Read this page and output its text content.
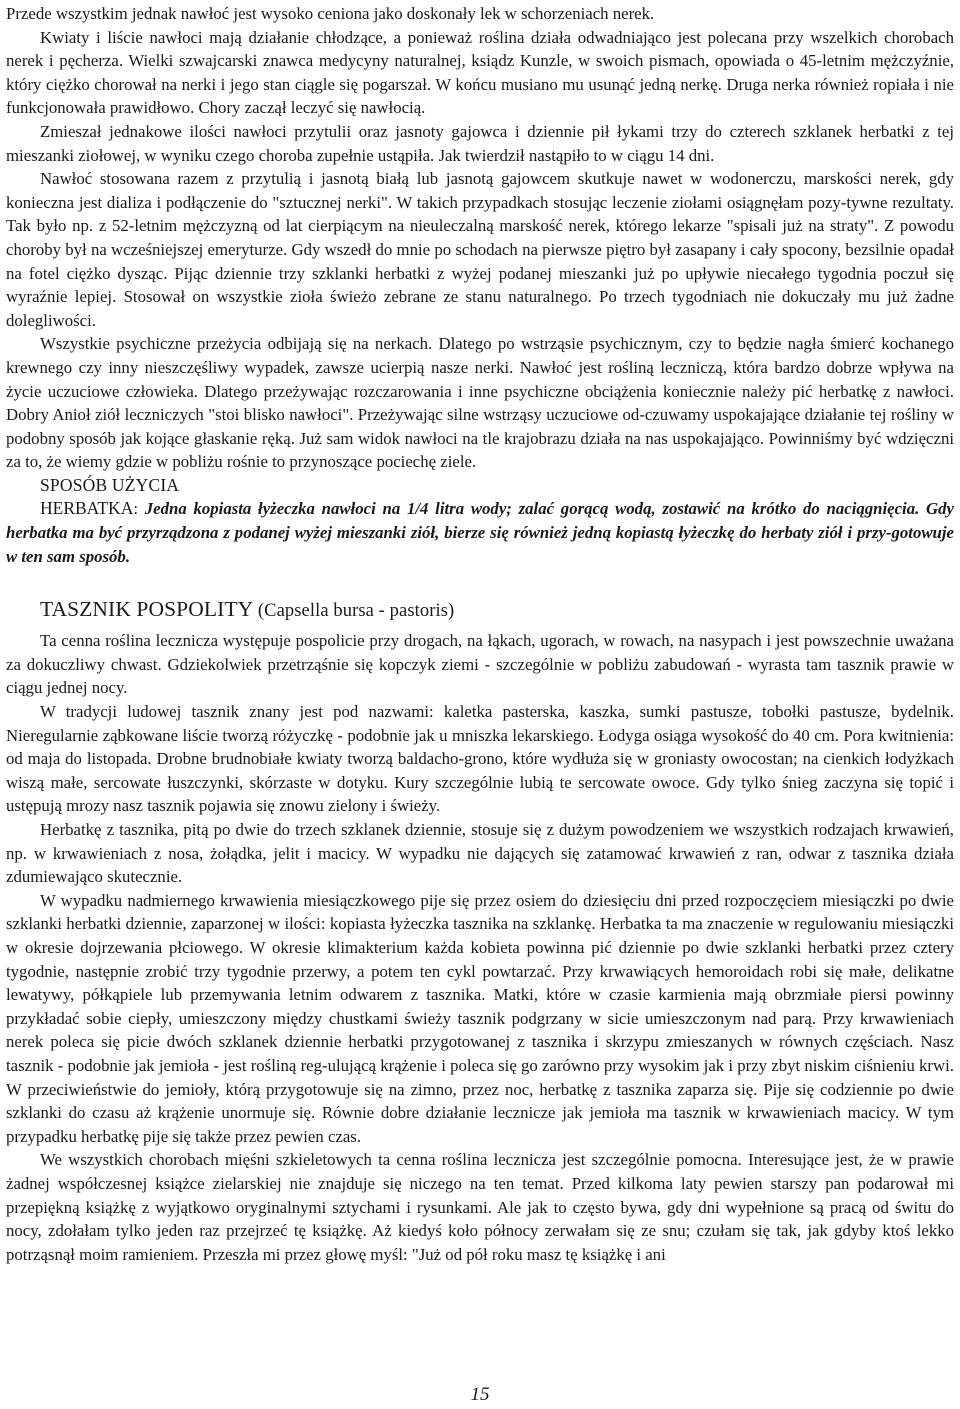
Przede wszystkim jednak nawłoć jest wysoko ceniona jako doskonały lek w schorzeniach nerek.

Kwiaty i liście nawłoci mają działanie chłodzące, a ponieważ roślina działa odwadniająco jest polecana przy wszelkich chorobach nerek i pęcherza. Wielki szwajcarski znawca medycyny naturalnej, ksiądz Kunzle, w swoich pismach, opowiada o 45-letnim mężczyźnie, który ciężko chorował na nerki i jego stan ciągle się pogarszał. W końcu musiano mu usunąć jedną nerkę. Druga nerka również ropiała i nie funkcjonowała prawidłowo. Chory zaczął leczyć się nawłocią.

Zmieszał jednakowe ilości nawłoci przytulii oraz jasnoty gajowca i dziennie pił łykami trzy do czterech szklanek herbatki z tej mieszanki ziołowej, w wyniku czego choroba zupełnie ustąpiła. Jak twierdził nastąpiło to w ciągu 14 dni.

Nawłoć stosowana razem z przytulią i jasnotą białą lub jasnotą gajowcem skutkuje nawet w wodonerczu, marskości nerek, gdy konieczna jest dializa i podłączenie do "sztucznej nerki". W takich przypadkach stosując leczenie ziołami osiągnęłam pozy-tywne rezultaty. Tak było np. z 52-letnim mężczyzną od lat cierpiącym na nieuleczalną marskość nerek, którego lekarze "spisali już na straty". Z powodu choroby był na wcześniejszej emeryturze. Gdy wszedł do mnie po schodach na pierwsze piętro był zasapany i cały spocony, bezsilnie opadał na fotel ciężko dysząc. Pijąc dziennie trzy szklanki herbatki z wyżej podanej mieszanki już po upływie niecałego tygodnia poczuł się wyraźnie lepiej. Stosował on wszystkie zioła świeżo zebrane ze stanu naturalnego. Po trzech tygodniach nie dokuczały mu już żadne dolegliwości.

Wszystkie psychiczne przeżycia odbijają się na nerkach. Dlatego po wstrząsie psychicznym, czy to będzie nagła śmierć kochanego krewnego czy inny nieszczęśliwy wypadek, zawsze ucierpią nasze nerki. Nawłoć jest rośliną leczniczą, która bardzo dobrze wpływa na życie uczuciowe człowieka. Dlatego przeżywając rozczarowania i inne psychiczne obciążenia koniecznie należy pić herbatkę z nawłoci. Dobry Anioł ziół leczniczych "stoi blisko nawłoci". Przeżywając silne wstrząsy uczuciowe od-czuwamy uspokajające działanie tej rośliny w podobny sposób jak kojące głaskanie ręką. Już sam widok nawłoci na tle krajobrazu działa na nas uspokajająco. Powinniśmy być wdzięczni za to, że wiemy gdzie w pobliżu rośnie to przynoszące pociechę ziele.

SPOSÓB UŻYCIA

HERBATKA: Jedna kopiasta łyżeczka nawłoci na 1/4 litra wody; zalać gorącą wodą, zostawić na krótko do naciągnięcia. Gdy herbatka ma być przyrządzona z podanej wyżej mieszanki ziół, bierze się również jedną kopiastą łyżeczkę do herbaty ziół i przy-gotowuje w ten sam sposób.

TASZNIK POSPOLITY (Capsella bursa - pastoris)

Ta cenna roślina lecznicza występuje pospolicie przy drogach, na łąkach, ugorach, w rowach, na nasypach i jest powszechnie uważana za dokuczliwy chwast. Gdziekolwiek przetrząśnie się kopczyk ziemi - szczególnie w pobliżu zabudowań - wyrasta tam tasznik prawie w ciągu jednej nocy.

W tradycji ludowej tasznik znany jest pod nazwami: kaletka pasterska, kaszka, sumki pastusze, tobołki pastusze, bydelnik. Nieregularnie ząbkowane liście tworzą różyczkę - podobnie jak u mniszka lekarskiego. Łodyga osiąga wysokość do 40 cm. Pora kwitnienia: od maja do listopada. Drobne brudnobiałe kwiaty tworzą baldacho-grono, które wydłuża się w groniasty owocostan; na cienkich łodyżkach wiszą małe, sercowate łuszczynki, skórzaste w dotyku. Kury szczególnie lubią te sercowate owoce. Gdy tylko śnieg zaczyna się topić i ustępują mrozy nasz tasznik pojawia się znowu zielony i świeży.

Herbatkę z tasznika, pitą po dwie do trzech szklanek dziennie, stosuje się z dużym powodzeniem we wszystkich rodzajach krwawień, np. w krwawieniach z nosa, żołądka, jelit i macicy. W wypadku nie dających się zatamować krwawień z ran, odwar z tasznika działa zdumiewająco skutecznie.

W wypadku nadmiernego krwawienia miesiączkowego pije się przez osiem do dziesięciu dni przed rozpoczęciem miesiączki po dwie szklanki herbatki dziennie, zaparzonej w ilości: kopiasta łyżeczka tasznika na szklankę. Herbatka ta ma znaczenie w regulowaniu miesiączki w okresie dojrzewania płciowego. W okresie klimakterium każda kobieta powinna pić dziennie po dwie szklanki herbatki przez cztery tygodnie, następnie zrobić trzy tygodnie przerwy, a potem ten cykl powtarzać. Przy krwawiących hemoroidach robi się małe, delikatne lewatywy, półkąpiele lub przemywania letnim odwarem z tasznika. Matki, które w czasie karmienia mają obrzmiałe piersi powinny przykładać sobie ciepły, umieszczony między chustkami świeży tasznik podgrzany w sicie umieszczonym nad parą. Przy krwawieniach nerek poleca się picie dwóch szklanek dziennie herbatki przygotowanej z tasznika i skrzypu zmieszanych w równych częściach. Nasz tasznik - podobnie jak jemioła - jest rośliną reg-ulującą krążenie i poleca się go zarówno przy wysokim jak i przy zbyt niskim ciśnieniu krwi. W przeciwieństwie do jemioły, którą przygotowuje się na zimno, przez noc, herbatkę z tasznika zaparza się. Pije się codziennie po dwie szklanki do czasu aż krążenie unormuje się. Równie dobre działanie lecznicze jak jemioła ma tasznik w krwawieniach macicy. W tym przypadku herbatkę pije się także przez pewien czas.

We wszystkich chorobach mięśni szkieletowych ta cenna roślina lecznicza jest szczególnie pomocna. Interesujące jest, że w prawie żadnej współczesnej książce zielarskiej nie znajduje się niczego na ten temat. Przed kilkoma laty pewien starszy pan podarował mi przepiękną książkę z wyjątkowo oryginalnymi sztychami i rysunkami. Ale jak to często bywa, gdy dni wypełnione są pracą od świtu do nocy, zdołałam tylko jeden raz przejrzeć tę książkę. Aż kiedyś koło północy zerwałam się ze snu; czułam się tak, jak gdyby ktoś lekko potrząsnął moim ramieniem. Przeszła mi przez głowę myśl: "Już od pół roku masz tę książkę i ani

15
